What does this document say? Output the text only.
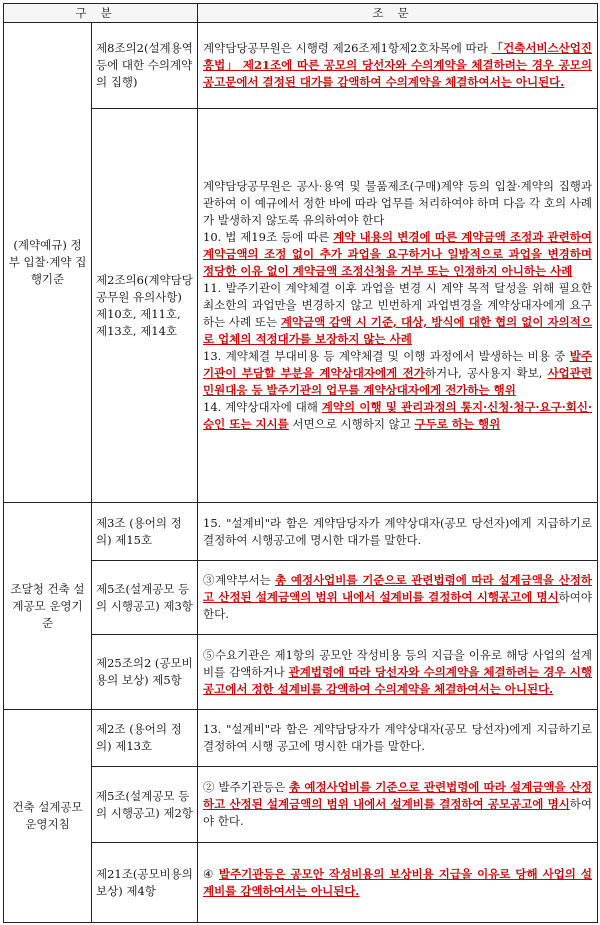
구분		조문
(계약예규) 정부 입찰·계약 집행기준	제8조의2(설계용역 등에 대한 수의계약의 집행)	계약담당공무원은 시행령 제26조제1항제2호차목에 따라 「건축서비스산업진흥법」 제21조에 따른 공모의 당선자와 수의계약을 체결하려는 경우 공모의 공고문에서 결정된 대가를 감액하여 수의계약을 체결하여서는 아니된다.

	제2조의6(계약담당공무원 유의사항) 제10호, 제11호, 제13호, 제14호	계약담당공무원은 공사·용역 및 물품제조(구매)계약 등의 입찰·계약의 집행과 관하여 이 예규에서 정한 바에 따라 업무를 처리하여야 하며 다음 각 호의 사례가 발생하지 않도록 유의하여야 한다

10. 법 제19조 등에 따른 계약 내용의 변경에 따른 계약금액 조정과 관련하여 계약금액의 조정 없이 추가 과업을 요구하거나 일방적으로 과업을 변경하며 정당한 이유 없이 계약금액 조정신청을 거부 또는 인정하지 아니하는 사례

11. 발주기관이 계약체결 이후 과업을 변경 시 계약 목적 달성을 위해 필요한 최소한의 과업만을 변경하지 않고 빈번하게 과업변경을 계약상대자에게 요구하는 사례 또는 계약금액 감액 시 기준, 대상, 방식에 대한 협의 없이 자의적으로 업체의 적정대가를 보장하지 않는 사례

13. 계약체결 부대비용 등 계약체결 및 이행 과정에서 발생하는 비용 중 발주기관이 부담할 부분을 계약상대자에게 전가하거나, 공사용지 확보, 사업관련 민원대응 등 발주기관의 업무를 계약상대자에게 전가하는 행위

14. 계약상대자에 대해 계약의 이행 및 관리과정의 통지·신청·청구·요구·회신·승인 또는 지시를 서면으로 시행하지 않고 구두로 하는 행위

조달청 건축 설계공모 운영기준	제3조 (용어의 정의) 제15호	15. "설계비"라 함은 계약담당자가 계약상대자(공모 당선자)에게 지급하기로 결정하여 시행공고에 명시한 대가를 말한다.

	제5조(설계공모 등의 시행공고) 제3항	③계약부서는 총 예정사업비를 기준으로 관련법령에 따라 설계금액을 산정하고 산정된 설계금액의 범위 내에서 설계비를 결정하여 시행공고에 명시하여야 한다.

	제25조의2 (공모비용의 보상) 제5항	⑤수요기관은 제1항의 공모안 작성비용 등의 지급을 이유로 해당 사업의 설계비를 감액하거나 관계법령에 따라 당선자와 수의계약을 체결하려는 경우 시행공고에서 정한 설계비를 감액하여 수의계약을 체결하여서는 아니된다.

건축 설계공모 운영지침	제2조 (용어의 정의) 제13호	13. "설계비"라 함은 계약담당자가 계약상대자(공모 당선자)에게 지급하기로 결정하여 시행 공고에 명시한 대가를 말한다.

	제5조(설계공모 등의 시행공고) 제2항	② 발주기관등은 총 예정사업비를 기준으로 관련법령에 따라 설계금액을 산정하고 산정된 설계금액의 범위 내에서 설계비를 결정하여 공모공고에 명시하여야 한다.

	제21조(공모비용의 보상) 제4항	④ 발주기관등은 공모안 작성비용의 보상비용 지급을 이유로 당해 사업의 설계비를 감액하여서는 아니된다.
